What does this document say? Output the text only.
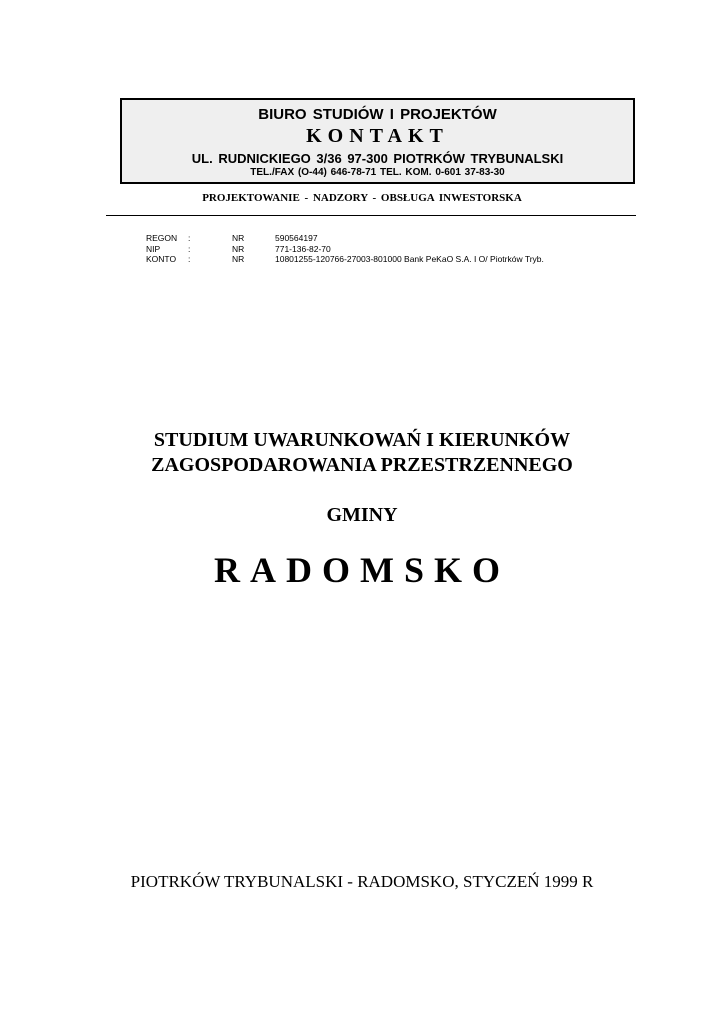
BIURO STUDIÓW I PROJEKTÓW
KONTAKT
UL. RUDNICKIEGO 3/36 97-300 PIOTRKÓW TRYBUNALSKI
TEL./FAX (O-44) 646-78-71 TEL. KOM. 0-601 37-83-30
PROJEKTOWANIE - NADZORY - OBSŁUGA INWESTORSKA
REGON :	NR	590564197
NIP	:	NR	771-136-82-70
KONTO :	NR	10801255-120766-27003-801000 Bank PeKaO S.A. I O/ Piotrków Tryb.
STUDIUM UWARUNKOWAŃ I KIERUNKÓW
ZAGOSPODAROWANIA PRZESTRZENNEGO
GMINY
RADOMSKO
PIOTRKÓW TRYBUNALSKI - RADOMSKO, STYCZEŃ 1999 R
